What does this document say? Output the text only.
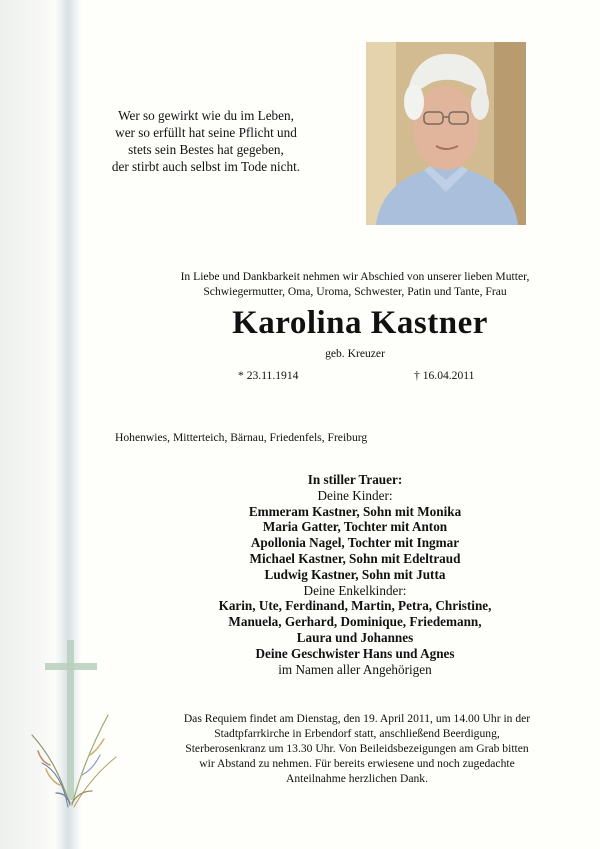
Wer so gewirkt wie du im Leben,
wer so erfüllt hat seine Pflicht und
stets sein Bestes hat gegeben,
der stirbt auch selbst im Tode nicht.
In Liebe und Dankbarkeit nehmen wir Abschied von unserer lieben Mutter,
Schwiegermutter, Oma, Uroma, Schwester, Patin und Tante, Frau
Karolina Kastner
geb. Kreuzer
* 23.11.1914	† 16.04.2011
Hohenwies, Mitterteich, Bärnau, Friedenfels, Freiburg
In stiller Trauer:
Deine Kinder:
Emmeram Kastner, Sohn mit Monika
Maria Gatter, Tochter mit Anton
Apollonia Nagel, Tochter mit Ingmar
Michael Kastner, Sohn mit Edeltraud
Ludwig Kastner, Sohn mit Jutta
Deine Enkelkinder:
Karin, Ute, Ferdinand, Martin, Petra, Christine,
Manuela, Gerhard, Dominique, Friedemann,
Laura und Johannes
Deine Geschwister Hans und Agnes
im Namen aller Angehörigen
Das Requiem findet am Dienstag, den 19. April 2011, um 14.00 Uhr in der
Stadtpfarrkirche in Erbendorf statt, anschließend Beerdigung,
Sterberosenkranz um 13.30 Uhr. Von Beileidsbezeigungen am Grab bitten
wir Abstand zu nehmen. Für bereits erwiesene und noch zugedachte
Anteilnahme herzlichen Dank.
